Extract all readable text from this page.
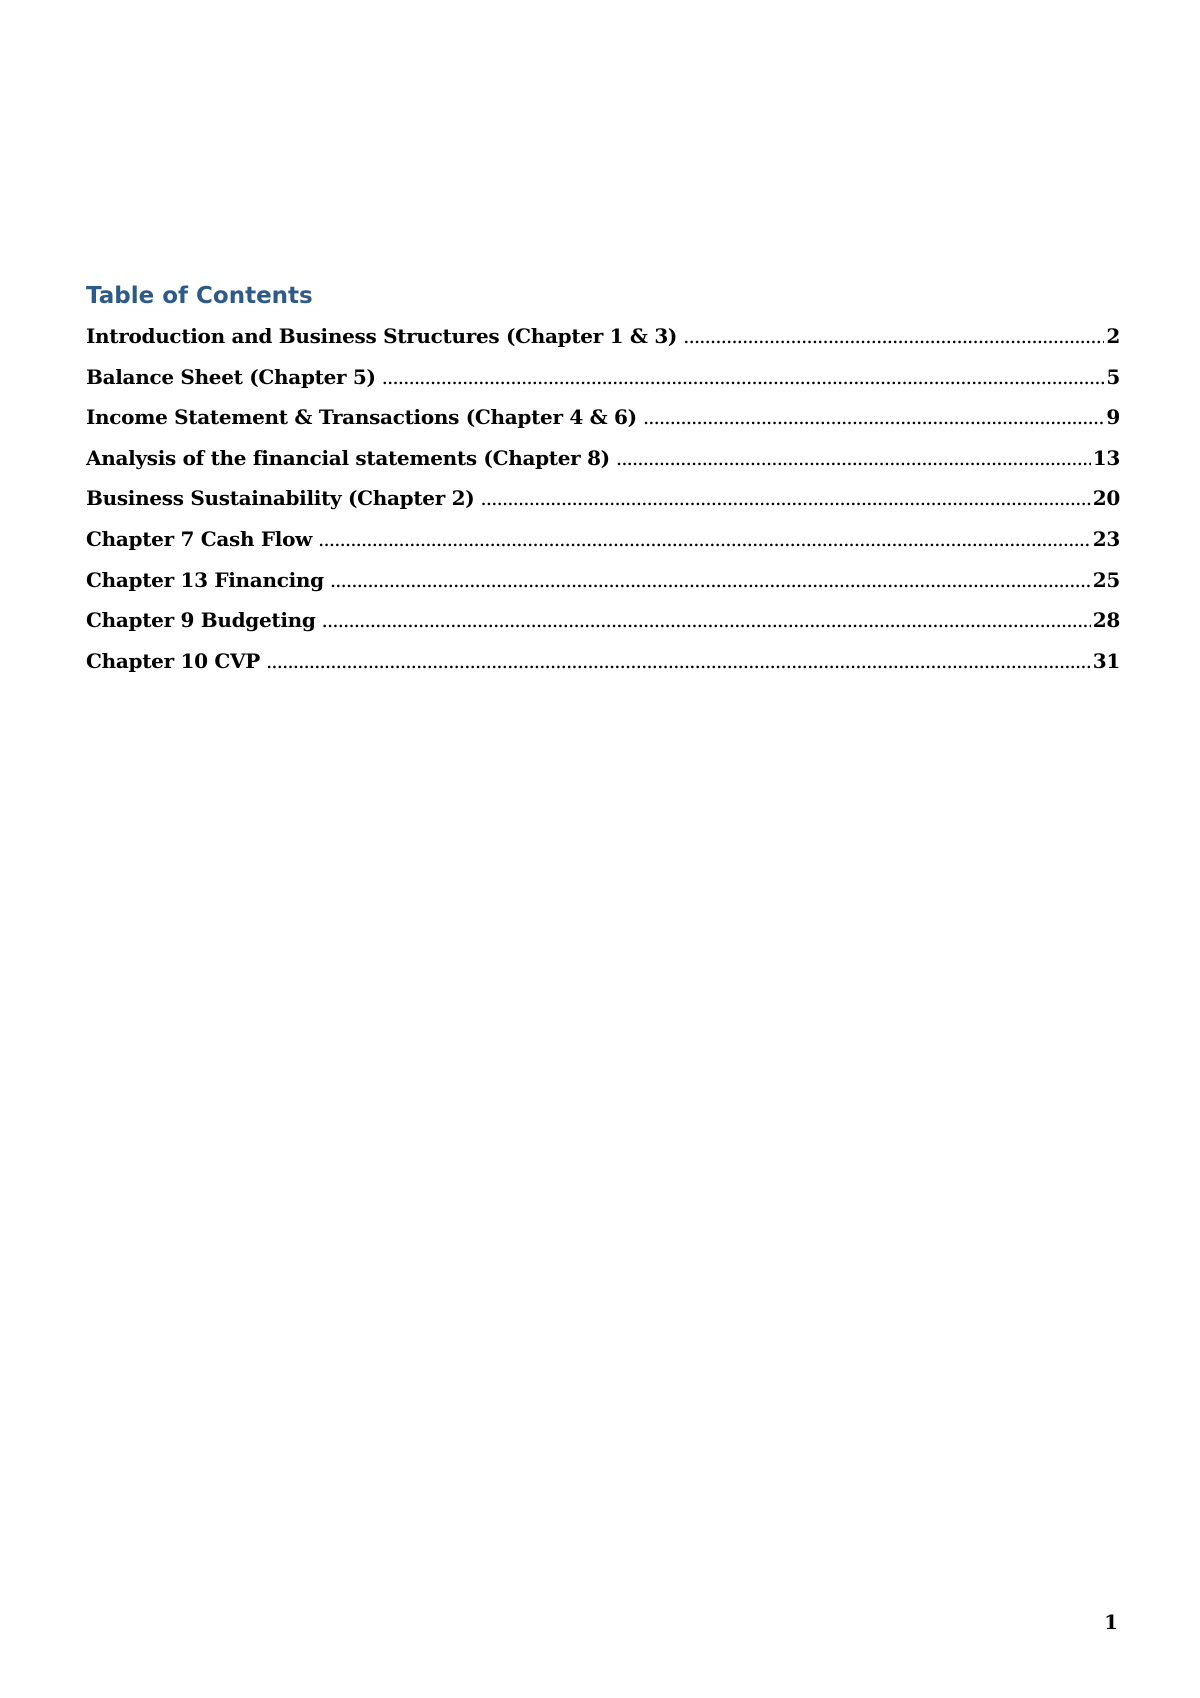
Table of Contents
Introduction and Business Structures (Chapter 1 & 3) .....	2
Balance Sheet (Chapter 5) .....	5
Income Statement & Transactions (Chapter 4 & 6) .....	9
Analysis of the financial statements (Chapter 8) .....	13
Business Sustainability (Chapter 2) .....	20
Chapter 7 Cash Flow .....	23
Chapter 13 Financing .....	25
Chapter 9 Budgeting .....	28
Chapter 10 CVP .....	31
1
